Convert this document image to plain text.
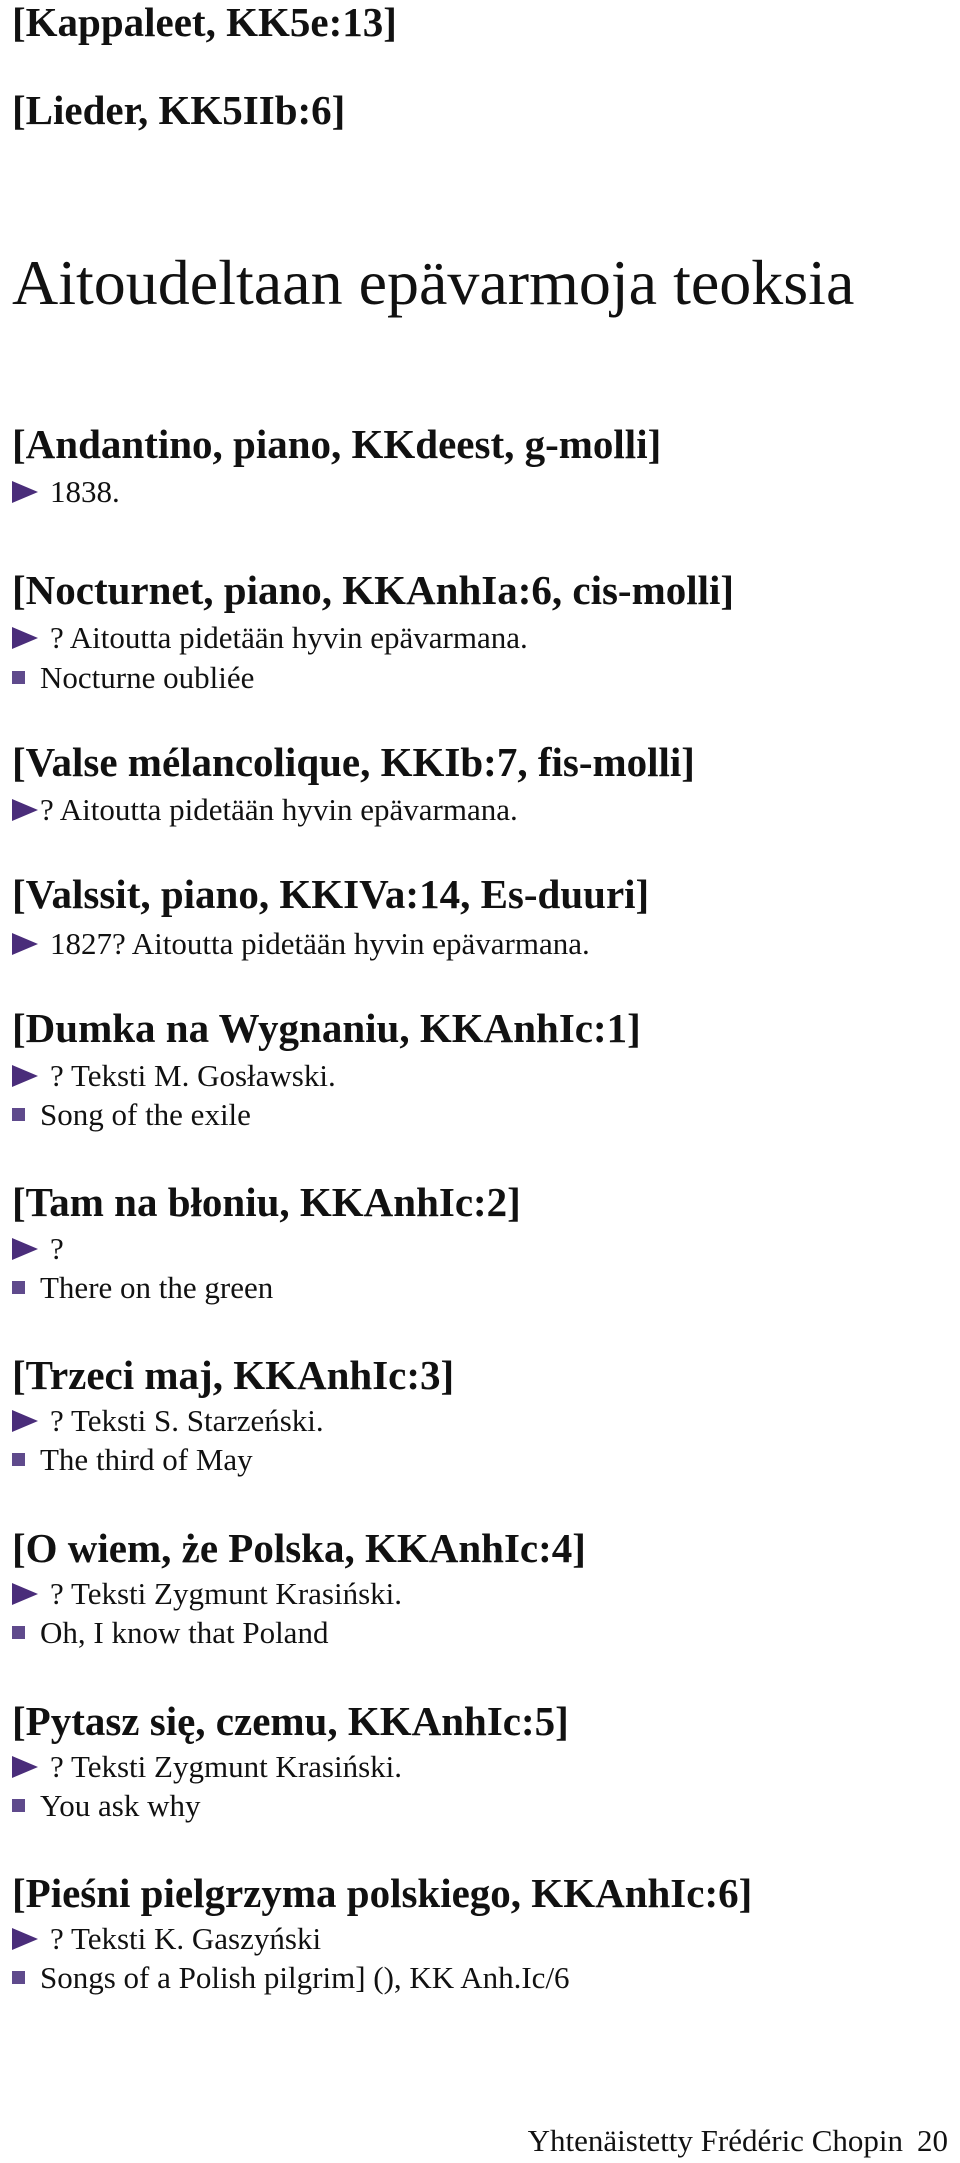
[Kappaleet, KK5e:13]
[Lieder, KK5IIb:6]
Aitoudeltaan epävarmoja teoksia
[Andantino, piano, KKdeest, g-molli]
1838.
[Nocturnet, piano, KKAnhIa:6, cis-molli]
? Aitoutta pidetään hyvin epävarmana.
Nocturne oubliée
[Valse mélancolique, KKIb:7, fis-molli]
? Aitoutta pidetään hyvin epävarmana.
[Valssit, piano, KKIVa:14, Es-duuri]
1827? Aitoutta pidetään hyvin epävarmana.
[Dumka na Wygnaniu, KKAnhIc:1]
? Teksti M. Gosławski.
Song of the exile
[Tam na błoniu, KKAnhIc:2]
?
There on the green
[Trzeci maj, KKAnhIc:3]
? Teksti S. Starzeński.
The third of May
[O wiem, że Polska, KKAnhIc:4]
? Teksti Zygmunt Krasiński.
Oh, I know that Poland
[Pytasz się, czemu, KKAnhIc:5]
? Teksti Zygmunt Krasiński.
You ask why
[Pieśni pielgrzyma polskiego, KKAnhIc:6]
? Teksti K. Gaszyński
Songs of a Polish pilgrim] (), KK Anh.Ic/6
Yhtenäistetty Frédéric Chopin 20
